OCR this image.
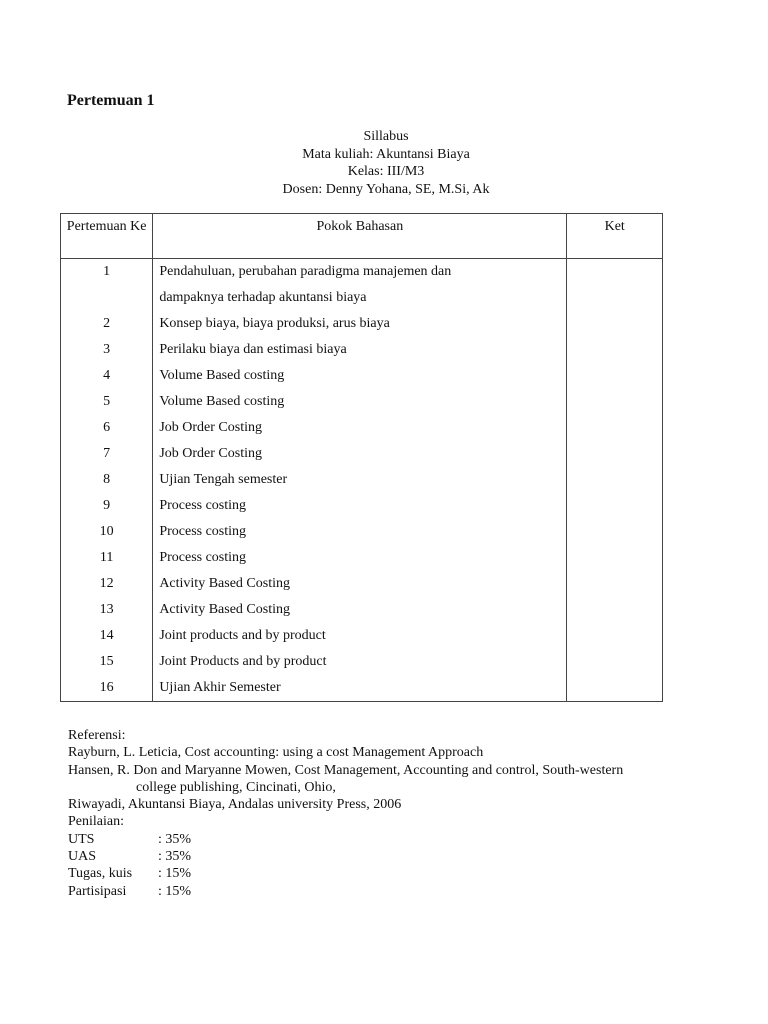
Pertemuan 1
Sillabus
Mata kuliah: Akuntansi Biaya
Kelas: III/M3
Dosen: Denny Yohana, SE, M.Si, Ak
Pertemuan Ke	Pokok Bahasan	Ket
1	Pendahuluan, perubahan paradigma manajemen dan dampaknya terhadap akuntansi biaya	
2	Konsep biaya, biaya produksi, arus biaya	
3	Perilaku biaya dan estimasi biaya	
4	Volume Based costing	
5	Volume Based costing	
6	Job Order Costing	
7	Job Order Costing	
8	Ujian Tengah semester	
9	Process costing	
10	Process costing	
11	Process costing	
12	Activity Based Costing	
13	Activity Based Costing	
14	Joint products and by product	
15	Joint Products and by product	
16	Ujian Akhir Semester	
Referensi:
Rayburn, L. Leticia, Cost accounting: using a cost Management Approach
Hansen, R. Don and Maryanne Mowen, Cost Management, Accounting and control, South-western
college publishing, Cincinati, Ohio,
Riwayadi, Akuntansi Biaya, Andalas university Press, 2006
Penilaian:
UTS	: 35%
UAS	: 35%
Tugas, kuis	: 15%
Partisipasi	: 15%
